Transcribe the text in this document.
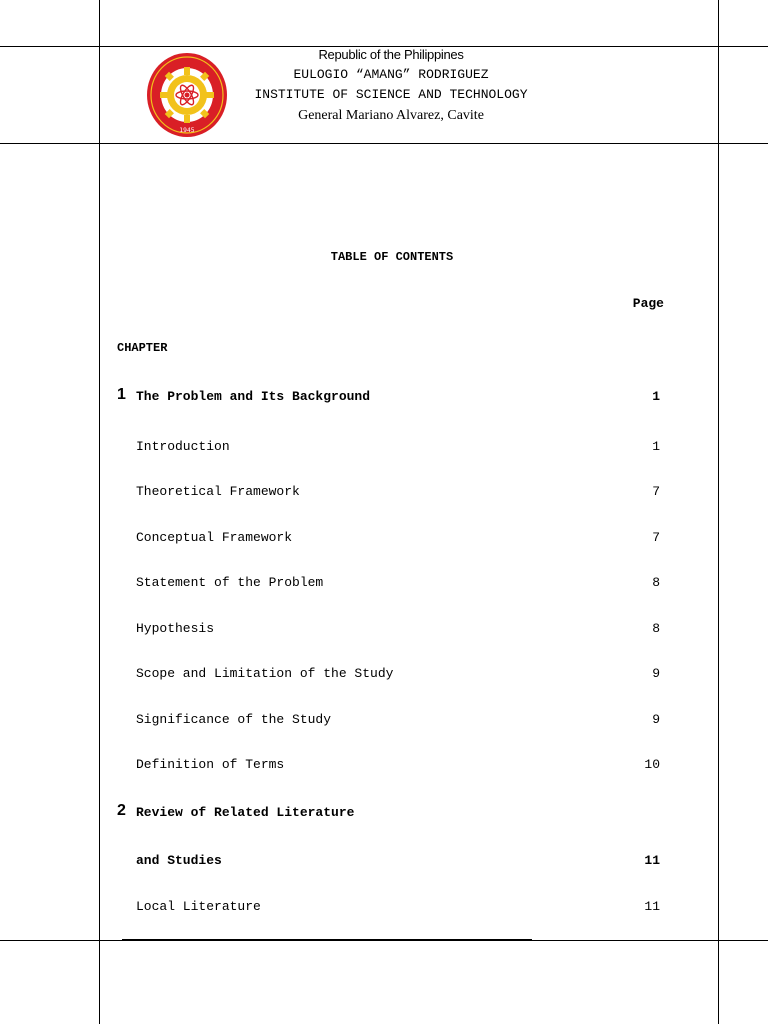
1945
Republic of the Philippines
EULOGIO “AMANG” RODRIGUEZ
INSTITUTE OF SCIENCE AND TECHNOLOGY
General Mariano Alvarez, Cavite
TABLE OF CONTENTS
Page
CHAPTER
1 The Problem and Its Background	1
Introduction	1
Theoretical Framework	7
Conceptual Framework	7
Statement of the Problem	8
Hypothesis	8
Scope and Limitation of the Study	9
Significance of the Study	9
Definition of Terms	10
2 Review of Related Literature
and Studies	11
Local Literature	11
